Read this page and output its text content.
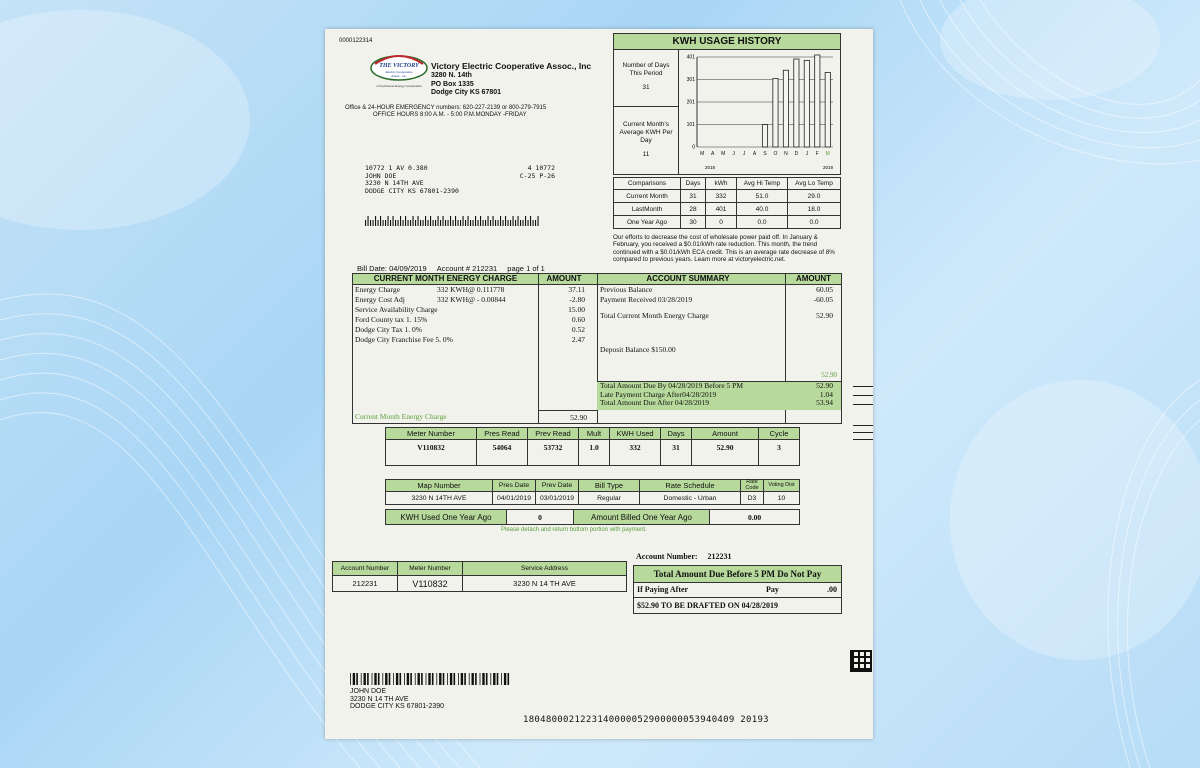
0000122314
THE VICTORY
Electric Cooperative
Assoc., Inc.
A Touchstone Energy Cooperative
Victory Electric Cooperative Assoc., Inc
3280 N. 14th
PO Box 1335
Dodge City KS 67801
Office & 24-HOUR EMERGENCY numbers: 620-227-2139 or 800-279-7915
OFFICE HOURS 8:00 A.M. - 5:00 P.M.MONDAY -FRIDAY
10772 1 AV 0.380	4 10772
JOHN DOE	C-25 P-26
3230 N 14TH AVE
DODGE CITY KS 67801-2390
KWH USAGE HISTORY
Number of Days This Period
31
Current Month's Average KWH Per Day
11
401
301
201
101
0
M A M J J A S O N D J F M
2018	2019
Comparisons	Days	kWh	Avg Hi Temp	Avg Lo Temp
Current Month	31	332	51.0	29.0
LastMonth	28	401	40.0	18.0
One Year Ago	30	0	0.0	0.0
Our efforts to decrease the cost of wholesale power paid off. In January & February, you received a $0.01/kWh rate reduction. This month, the trend continued with a $0.01/kWh ECA credit. This is an average rate decrease of 8% compared to previous years. Learn more at victoryelectric.net.
Bill Date: 04/09/2019 Account # 212231 page 1 of 1
CURRENT MONTH ENERGY CHARGE	AMOUNT	ACCOUNT SUMMARY	AMOUNT
Energy Charge	332 KWH@ 0.111778	37.11
Energy Cost Adj	332 KWH@ - 0.00844	-2.80
Service Availability Charge	15.00
Ford County tax 1. 15%	0.60
Dodge City Tax 1. 0%	0.52
Dodge City Franchise Fee 5. 0%	2.47
Current Month Energy Charge	52.90
Previous Balance	60.05
Payment Received 03/28/2019	-60.05
Total Current Month Energy Charge	52.90
Deposit Balance $150.00
52.90
Total Amount Due By 04/28/2019 Before 5 PM	52.90
Late Payment Charge After04/28/2019	1.04
Total Amount Due After 04/28/2019	53.94
Meter Number	Pres Read	Prev Read	Mult	KWH Used	Days	Amount	Cycle
V110832	54064	53732	1.0	332	31	52.90	3
Map Number	Pres Date	Prev Date	Bill Type	Rate Schedule	Rate Code	Voting Dist
3230 N 14TH AVE	04/01/2019	03/01/2019	Regular	Domestic - Urban	D3	10
KWH Used One Year Ago	0	Amount Billed One Year Ago	0.00
Please detach and return bottom portion with payment.
Account Number	Meter Number	Service Address
212231	V110832	3230 N 14 TH AVE
Account Number: 212231
Total Amount Due Before 5 PM Do Not Pay
If Paying After	Pay	.00
$52.90 TO BE DRAFTED ON 04/28/2019
JOHN DOE
3230 N 14 TH AVE
DODGE CITY KS 67801-2390
1804800021223140000052900000053940409 20193
